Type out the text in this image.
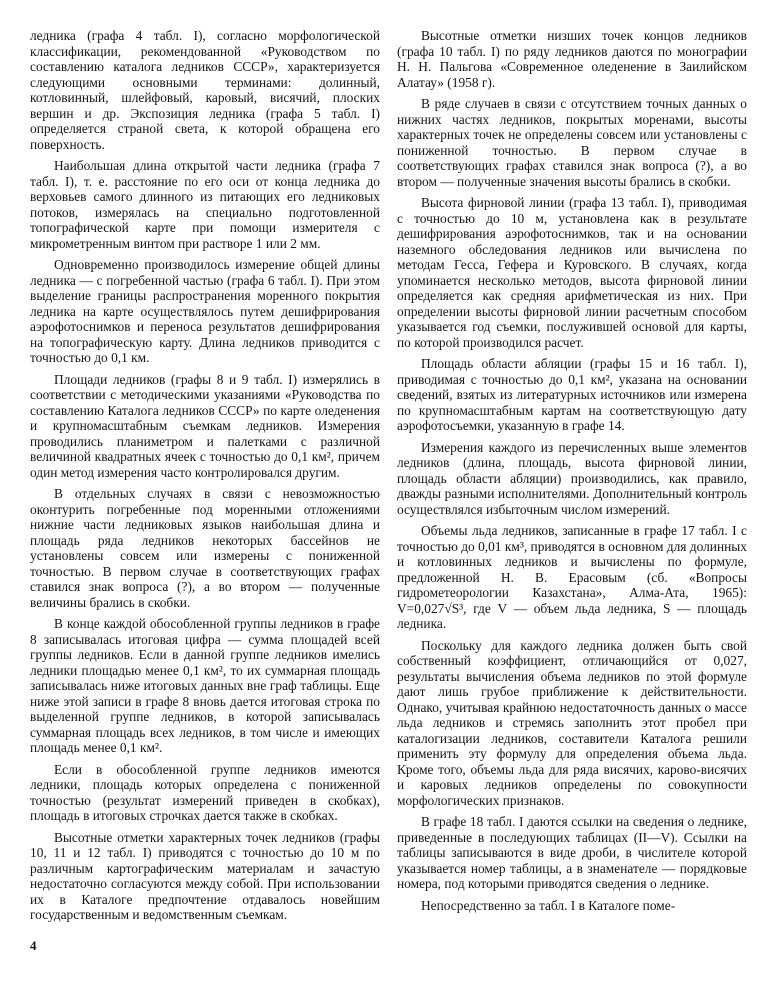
ледника (графа 4 табл. I), согласно морфологической классификации, рекомендованной «Руководством по составлению каталога ледников СССР», характеризуется следующими основными терминами: долинный, котловинный, шлейфовый, каровый, висячий, плоских вершин и др. Экспозиция ледника (графа 5 табл. I) определяется страной света, к которой обращена его поверхность.

Наибольшая длина открытой части ледника (графа 7 табл. I), т. е. расстояние по его оси от конца ледника до верховьев самого длинного из питающих его ледниковых потоков, измерялась на специально подготовленной топографической карте при помощи измерителя с микрометренным винтом при растворе 1 или 2 мм.

Одновременно производилось измерение общей длины ледника — с погребенной частью (графа 6 табл. I). При этом выделение границы распространения моренного покрытия ледника на карте осуществлялось путем дешифрирования аэрофотоснимков и переноса результатов дешифрирования на топографическую карту. Длина ледников приводится с точностью до 0,1 км.

Площади ледников (графы 8 и 9 табл. I) измерялись в соответствии с методическими указаниями «Руководства по составлению Каталога ледников СССР» по карте оледенения и крупномасштабным съемкам ледников. Измерения проводились планиметром и палетками с различной величиной квадратных ячеек с точностью до 0,1 км², причем один метод измерения часто контролировался другим.

В отдельных случаях в связи с невозможностью оконтурить погребенные под моренными отложениями нижние части ледниковых языков наибольшая длина и площадь ряда ледников некоторых бассейнов не установлены совсем или измерены с пониженной точностью. В первом случае в соответствующих графах ставился знак вопроса (?), а во втором — полученные величины брались в скобки.

В конце каждой обособленной группы ледников в графе 8 записывалась итоговая цифра — сумма площадей всей группы ледников. Если в данной группе ледников имелись ледники площадью менее 0,1 км², то их суммарная площадь записывалась ниже итоговых данных вне граф таблицы. Еще ниже этой записи в графе 8 вновь дается итоговая строка по выделенной группе ледников, в которой записывалась суммарная площадь всех ледников, в том числе и имеющих площадь менее 0,1 км².

Если в обособленной группе ледников имеются ледники, площадь которых определена с пониженной точностью (результат измерений приведен в скобках), площадь в итоговых строчках дается также в скобках.

Высотные отметки характерных точек ледников (графы 10, 11 и 12 табл. I) приводятся с точностью до 10 м по различным картографическим материалам и зачастую недостаточно согласуются между собой. При использовании их в Каталоге предпочтение отдавалось новейшим государственным и ведомственным съемкам.

Высотные отметки низших точек концов ледников (графа 10 табл. I) по ряду ледников даются по монографии Н. Н. Пальгова «Современное оледенение в Заилийском Алатау» (1958 г).

В ряде случаев в связи с отсутствием точных данных о нижних частях ледников, покрытых моренами, высоты характерных точек не определены совсем или установлены с пониженной точностью. В первом случае в соответствующих графах ставился знак вопроса (?), а во втором — полученные значения высоты брались в скобки.

Высота фирновой линии (графа 13 табл. I), приводимая с точностью до 10 м, установлена как в результате дешифрирования аэрофотоснимков, так и на основании наземного обследования ледников или вычислена по методам Гесса, Гефера и Куровского. В случаях, когда упоминается несколько методов, высота фирновой линии определяется как средняя арифметическая из них. При определении высоты фирновой линии расчетным способом указывается год съемки, послужившей основой для карты, по которой производился расчет.

Площадь области абляции (графы 15 и 16 табл. I), приводимая с точностью до 0,1 км², указана на основании сведений, взятых из литературных источников или измерена по крупномасштабным картам на соответствующую дату аэрофотосъемки, указанную в графе 14.

Измерения каждого из перечисленных выше элементов ледников (длина, площадь, высота фирновой линии, площадь области абляции) производились, как правило, дважды разными исполнителями. Дополнительный контроль осуществлялся избыточным числом измерений.

Объемы льда ледников, записанные в графе 17 табл. I с точностью до 0,01 км³, приводятся в основном для долинных и котловинных ледников и вычислены по формуле, предложенной Н. В. Ерасовым (сб. «Вопросы гидрометеорологии Казахстана», Алма-Ата, 1965): V=0,027√S³, где V — объем льда ледника, S — площадь ледника.

Поскольку для каждого ледника должен быть свой собственный коэффициент, отличающийся от 0,027, результаты вычисления объема ледников по этой формуле дают лишь грубое приближение к действительности. Однако, учитывая крайнюю недостаточность данных о массе льда ледников и стремясь заполнить этот пробел при каталогизации ледников, составители Каталога решили применить эту формулу для определения объема льда. Кроме того, объемы льда для ряда висячих, карово-висячих и каровых ледников определены по совокупности морфологических признаков.

В графе 18 табл. I даются ссылки на сведения о леднике, приведенные в последующих таблицах (II—V). Ссылки на таблицы записываются в виде дроби, в числителе которой указывается номер таблицы, а в знаменателе — порядковые номера, под которыми приводятся сведения о леднике.

Непосредственно за табл. I в Каталоге поме-

4
